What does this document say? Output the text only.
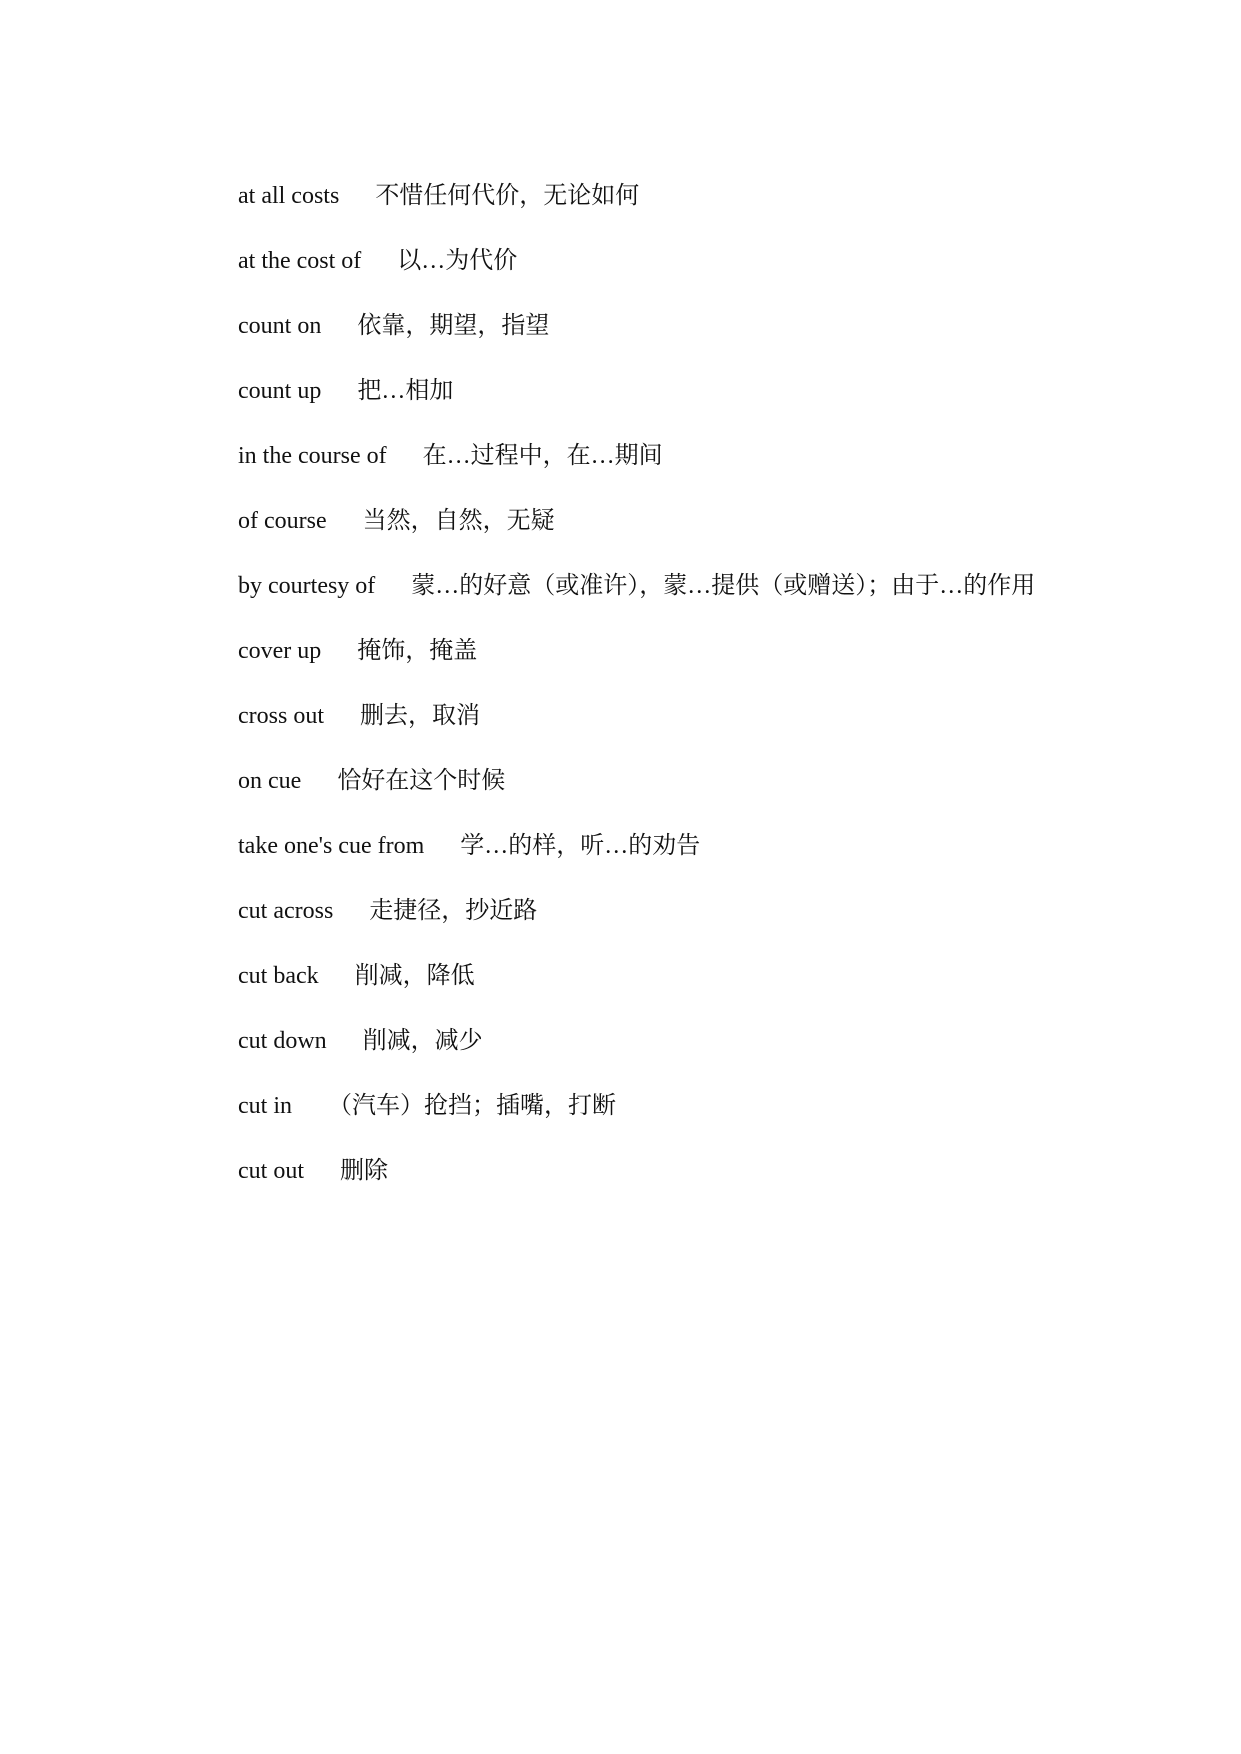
at all costs 不惜任何代价，无论如何

at the cost of 以…为代价

count on 依靠，期望，指望

count up 把…相加

in the course of 在…过程中，在…期间

of course 当然，自然，无疑

by courtesy of 蒙…的好意（或准许），蒙…提供（或赠送）；由于…的作用

cover up 掩饰，掩盖

cross out 删去，取消

on cue 恰好在这个时候

take one's cue from 学…的样，听…的劝告

cut across 走捷径，抄近路

cut back 削减，降低

cut down 削减，减少

cut in （汽车）抢挡；插嘴，打断

cut out 删除
